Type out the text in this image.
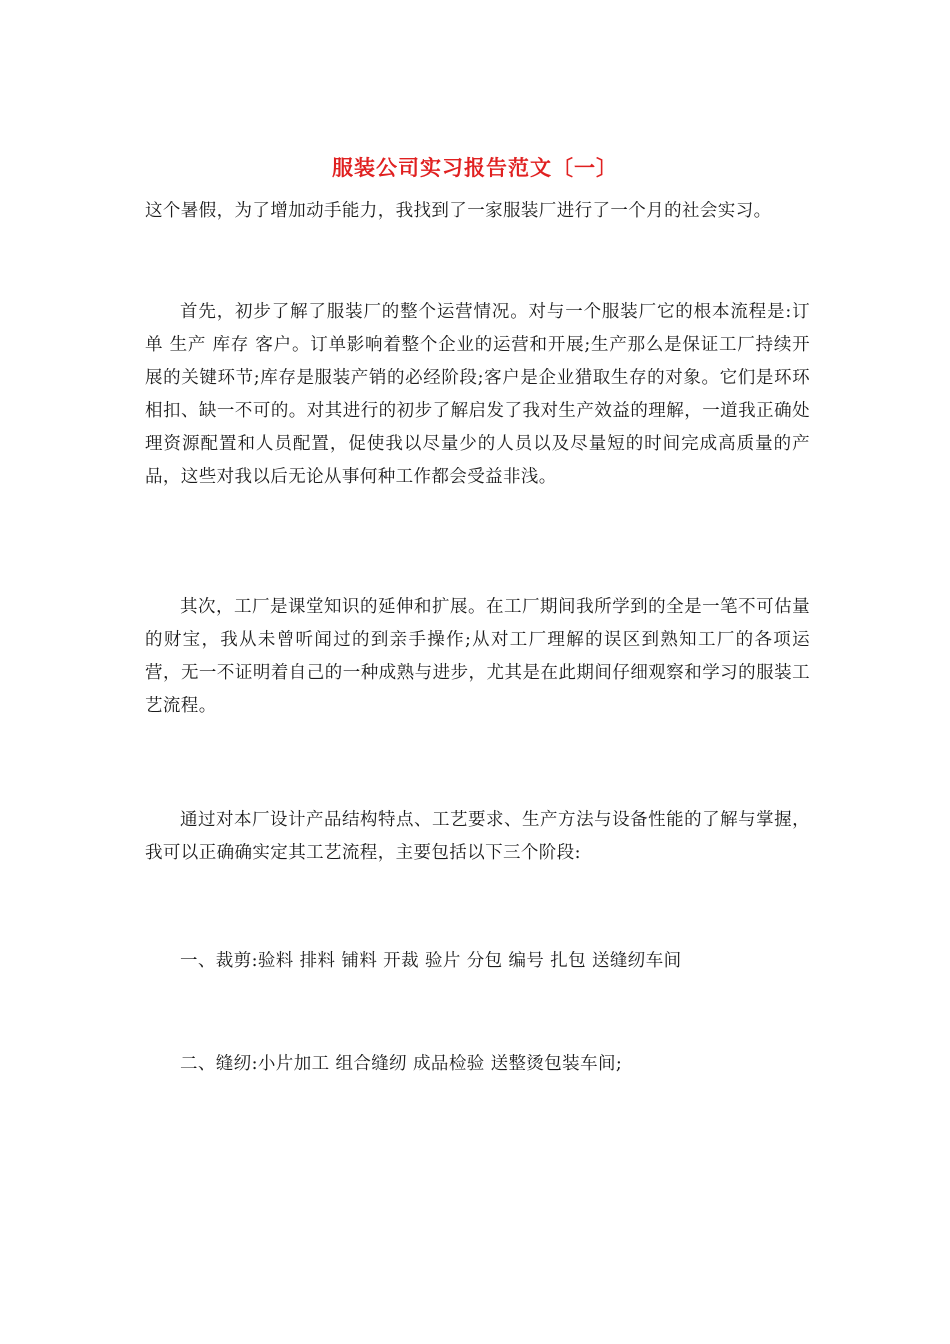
服装公司实习报告范文〔一〕
这个暑假，为了增加动手能力，我找到了一家服装厂进行了一个月的社会实习。
首先，初步了解了服装厂的整个运营情况。对与一个服装厂它的根本流程是:订单 生产 库存 客户。订单影响着整个企业的运营和开展;生产那么是保证工厂持续开展的关键环节;库存是服装产销的必经阶段;客户是企业猎取生存的对象。它们是环环相扣、缺一不可的。对其进行的初步了解启发了我对生产效益的理解，一道我正确处理资源配置和人员配置，促使我以尽量少的人员以及尽量短的时间完成高质量的产品，这些对我以后无论从事何种工作都会受益非浅。
其次，工厂是课堂知识的延伸和扩展。在工厂期间我所学到的全是一笔不可估量的财宝，我从未曾听闻过的到亲手操作;从对工厂理解的误区到熟知工厂的各项运营，无一不证明着自己的一种成熟与进步，尤其是在此期间仔细观察和学习的服装工艺流程。
通过对本厂设计产品结构特点、工艺要求、生产方法与设备性能的了解与掌握，我可以正确确实定其工艺流程，主要包括以下三个阶段:
一、裁剪:验料 排料 铺料 开裁 验片 分包 编号 扎包 送缝纫车间
二、缝纫:小片加工 组合缝纫 成品检验 送整烫包装车间;
